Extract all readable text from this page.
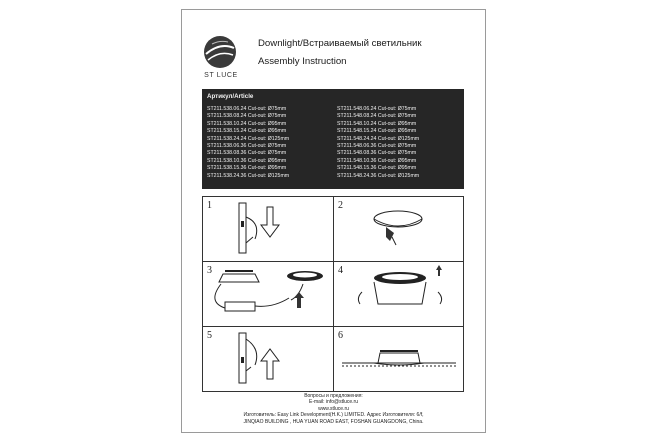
ST LUCE
Downlight/Встраиваемый светильник
Assembly Instruction
Артикул/Article
ST211.538.06.24 Cut-out: Ø75mm
ST211.538.08.24 Cut-out: Ø75mm
ST211.538.10.24 Cut-out: Ø95mm
ST211.538.15.24 Cut-out: Ø95mm
ST211.538.24.24 Cut-out: Ø125mm
ST211.538.06.36 Cut-out: Ø75mm
ST211.538.08.36 Cut-out: Ø75mm
ST211.538.10.36 Cut-out: Ø95mm
ST211.538.15.36 Cut-out: Ø95mm
ST211.538.24.36 Cut-out: Ø125mm
ST211.548.06.24 Cut-out: Ø75mm
ST211.548.08.24 Cut-out: Ø75mm
ST211.548.10.24 Cut-out: Ø95mm
ST211.548.15.24 Cut-out: Ø95mm
ST211.548.24.24 Cut-out: Ø125mm
ST211.548.06.36 Cut-out: Ø75mm
ST211.548.08.36 Cut-out: Ø75mm
ST211.548.10.36 Cut-out: Ø95mm
ST211.548.15.36 Cut-out: Ø95mm
ST211.548.24.36 Cut-out: Ø125mm
1	2
3	4
5	6
Вопросы и предложения:
E-mail: info@stluce.ru
www.stluce.ru
Изготовитель: Easy Link Development(H.K.) LIMITED. Адрес Изготовителя: 6/f,
JINQIAO BUILDING , HUA YUAN ROAD EAST, FOSHAN GUANGDONG, China.
